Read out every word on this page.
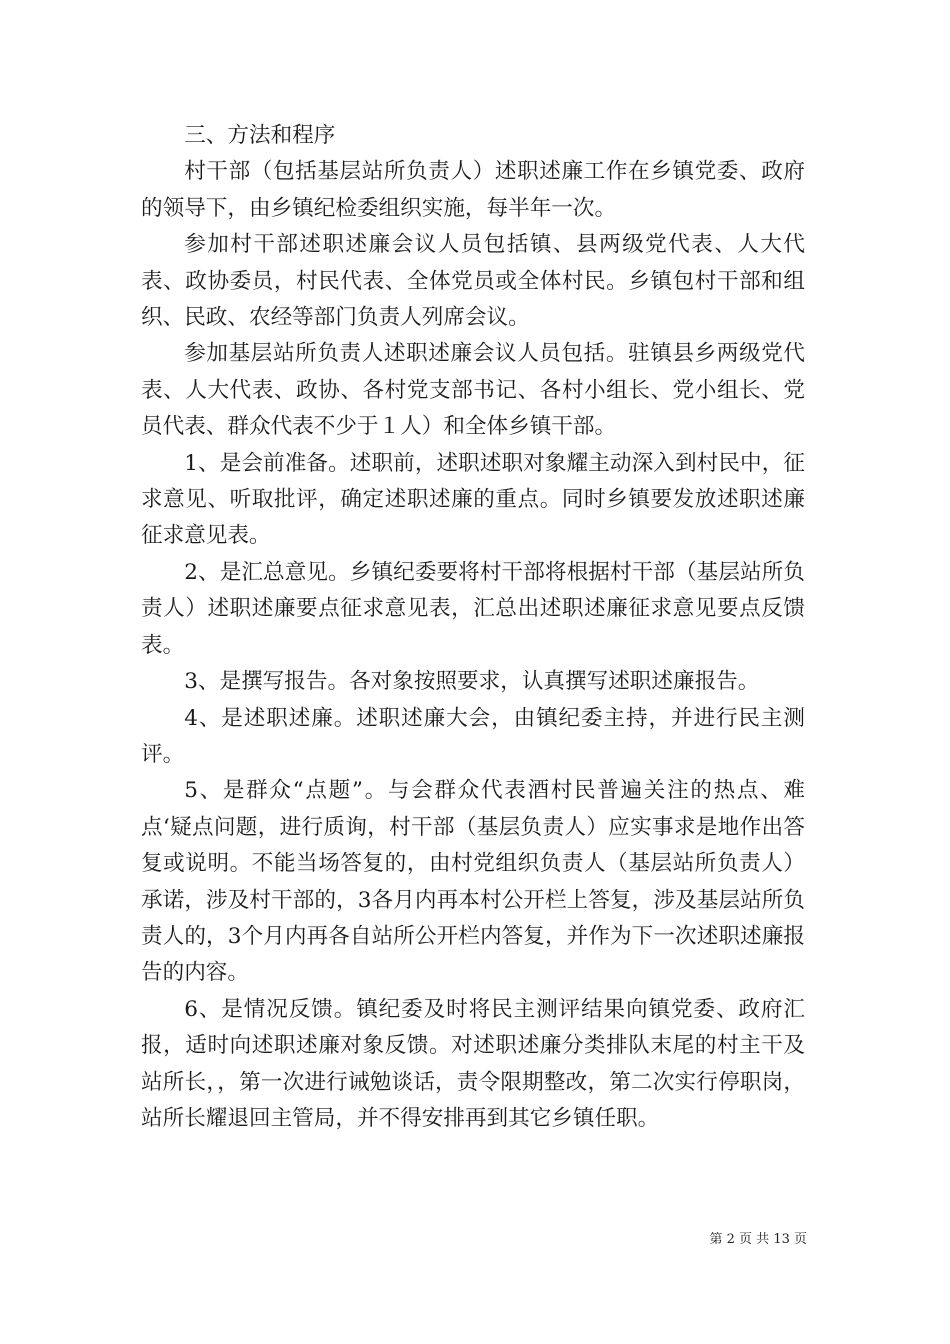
三、方法和程序

村干部（包括基层站所负责人）述职述廉工作在乡镇党委、政府的领导下，由乡镇纪检委组织实施，每半年一次。

参加村干部述职述廉会议人员包括镇、县两级党代表、人大代表、政协委员，村民代表、全体党员或全体村民。乡镇包村干部和组织、民政、农经等部门负责人列席会议。

参加基层站所负责人述职述廉会议人员包括。驻镇县乡两级党代表、人大代表、政协、各村党支部书记、各村小组长、党小组长、党员代表、群众代表不少于１人）和全体乡镇干部。

1、是会前准备。述职前，述职述职对象耀主动深入到村民中，征求意见、听取批评，确定述职述廉的重点。同时乡镇要发放述职述廉征求意见表。

2、是汇总意见。乡镇纪委要将村干部将根据村干部（基层站所负责人）述职述廉要点征求意见表，汇总出述职述廉征求意见要点反馈表。

3、是撰写报告。各对象按照要求，认真撰写述职述廉报告。

4、是述职述廉。述职述廉大会，由镇纪委主持，并进行民主测评。

5、是群众“点题”。与会群众代表酒村民普遍关注的热点、难点‘疑点问题，进行质询，村干部（基层负责人）应实事求是地作出答复或说明。不能当场答复的，由村党组织负责人（基层站所负责人）承诺，涉及村干部的，3各月内再本村公开栏上答复，涉及基层站所负责人的，3个月内再各自站所公开栏内答复，并作为下一次述职述廉报告的内容。

6、是情况反馈。镇纪委及时将民主测评结果向镇党委、政府汇报，适时向述职述廉对象反馈。对述职述廉分类排队末尾的村主干及站所长，，第一次进行诫勉谈话，责令限期整改，第二次实行停职岗，站所长耀退回主管局，并不得安排再到其它乡镇任职。

第 2 页 共 13 页
